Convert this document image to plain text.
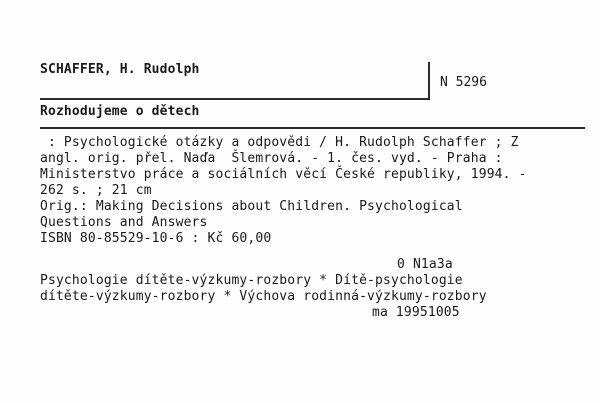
SCHAFFER, H. Rudolph
N 5296
Rozhodujeme o dětech
: Psychologické otázky a odpovědi / H. Rudolph Schaffer ; Z
angl. orig. přel. Naďa  Šlemrová. - 1. čes. vyd. - Praha :
Ministerstvo práce a sociálních věcí České republiky, 1994. -
262 s. ; 21 cm
Orig.: Making Decisions about Children. Psychological
Questions and Answers
ISBN 80-85529-10-6 : Kč 60,00
0 N1a3a
Psychologie dítěte-výzkumy-rozbory * Dítě-psychologie
dítěte-výzkumy-rozbory * Výchova rodinná-výzkumy-rozbory
ma 19951005
